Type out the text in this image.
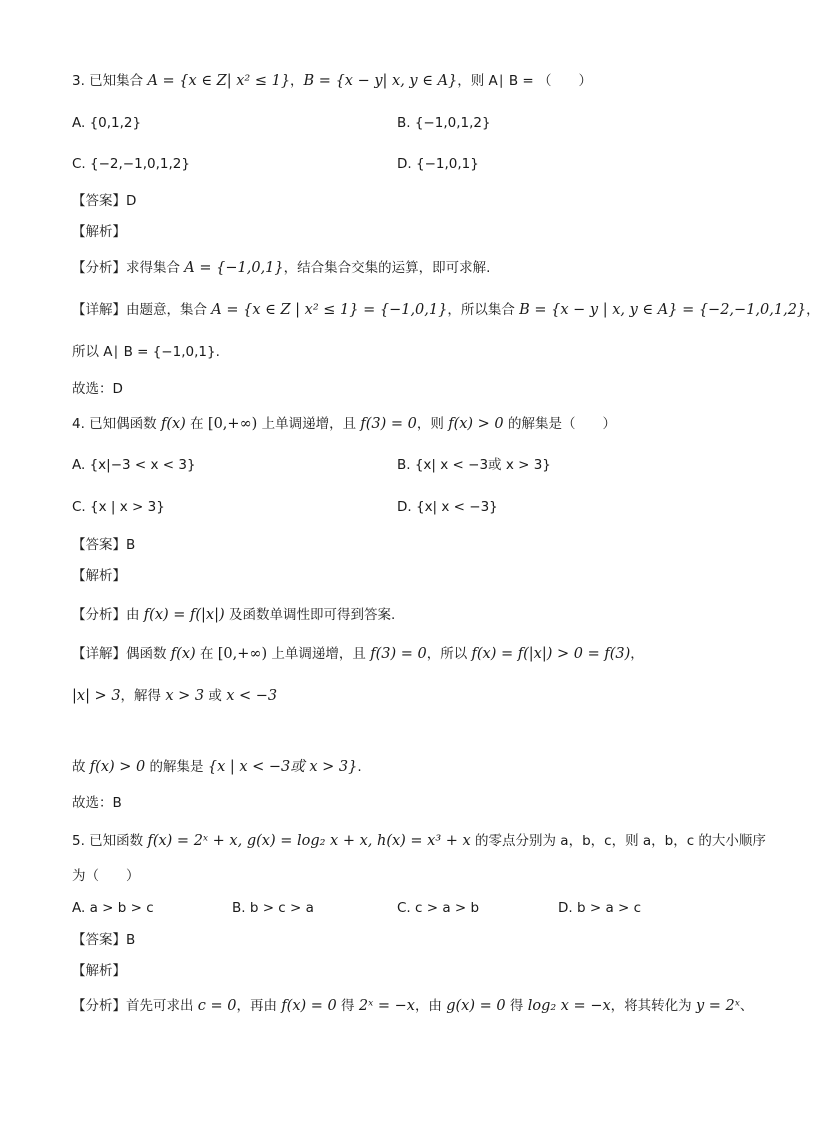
3. 已知集合 A = {x ∈ Z| x² ≤ 1}，B = {x − y| x, y ∈ A}，则 A∣ B = （　　）
A. {0,1,2}	B. {−1,0,1,2}
C. {−2,−1,0,1,2}	D. {−1,0,1}
【答案】D
【解析】
【分析】求得集合 A = {−1,0,1}，结合集合交集的运算，即可求解.
【详解】由题意，集合 A = {x ∈ Z | x² ≤ 1} = {−1,0,1}，所以集合 B = {x − y | x, y ∈ A} = {−2,−1,0,1,2}，
所以 A∣ B = {−1,0,1}.
故选：D
4. 已知偶函数 f(x) 在 [0,+∞) 上单调递增，且 f(3) = 0，则 f(x) > 0 的解集是（　　）
A. {x|−3 < x < 3}	B. {x| x < −3或 x > 3}
C. {x | x > 3}	D. {x| x < −3}
【答案】B
【解析】
【分析】由 f(x) = f(|x|) 及函数单调性即可得到答案.
【详解】偶函数 f(x) 在 [0,+∞) 上单调递增，且 f(3) = 0，所以 f(x) = f(|x|) > 0 = f(3)，
|x| > 3，解得 x > 3 或 x < −3
故 f(x) > 0 的解集是 {x | x < −3或 x > 3}.
故选：B
5. 已知函数 f(x) = 2ˣ + x, g(x) = log₂ x + x, h(x) = x³ + x 的零点分别为 a，b，c，则 a，b，c 的大小顺序
为（　　）
A. a > b > c	B. b > c > a	C. c > a > b	D. b > a > c
【答案】B
【解析】
【分析】首先可求出 c = 0，再由 f(x) = 0 得 2ˣ = −x，由 g(x) = 0 得 log₂ x = −x，将其转化为 y = 2ˣ、
